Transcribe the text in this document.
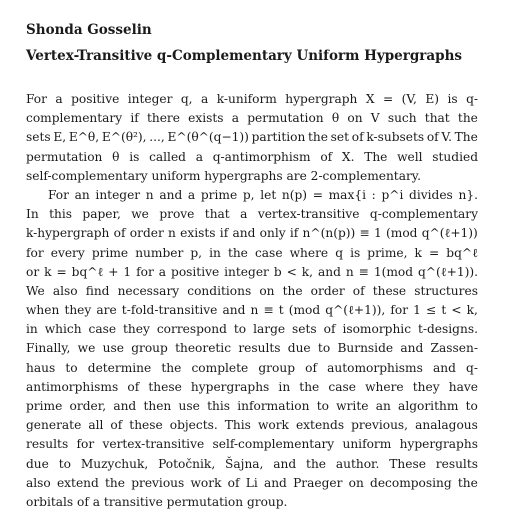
Shonda Gosselin
Vertex-Transitive q-Complementary Uniform Hypergraphs
For a positive integer q, a k-uniform hypergraph X = (V, E) is q-
complementary if there exists a permutation θ on V such that the
sets E, E^θ, E^(θ²), ..., E^(θ^(q−1)) partition the set of k-subsets of V. The
permutation θ is called a q-antimorphism of X. The well studied
self-complementary uniform hypergraphs are 2-complementary.
For an integer n and a prime p, let n(p) = max{i : p^i divides n}.
In this paper, we prove that a vertex-transitive q-complementary
k-hypergraph of order n exists if and only if n^(n(p)) ≡ 1 (mod q^(ℓ+1))
for every prime number p, in the case where q is prime, k = bq^ℓ
or k = bq^ℓ + 1 for a positive integer b < k, and n ≡ 1(mod q^(ℓ+1)).
We also find necessary conditions on the order of these structures
when they are t-fold-transitive and n ≡ t (mod q^(ℓ+1)), for 1 ≤ t < k,
in which case they correspond to large sets of isomorphic t-designs.
Finally, we use group theoretic results due to Burnside and Zassen-
haus to determine the complete group of automorphisms and q-
antimorphisms of these hypergraphs in the case where they have
prime order, and then use this information to write an algorithm to
generate all of these objects. This work extends previous, analagous
results for vertex-transitive self-complementary uniform hypergraphs
due to Muzychuk, Potočnik, Šajna, and the author. These results
also extend the previous work of Li and Praeger on decomposing the
orbitals of a transitive permutation group.
